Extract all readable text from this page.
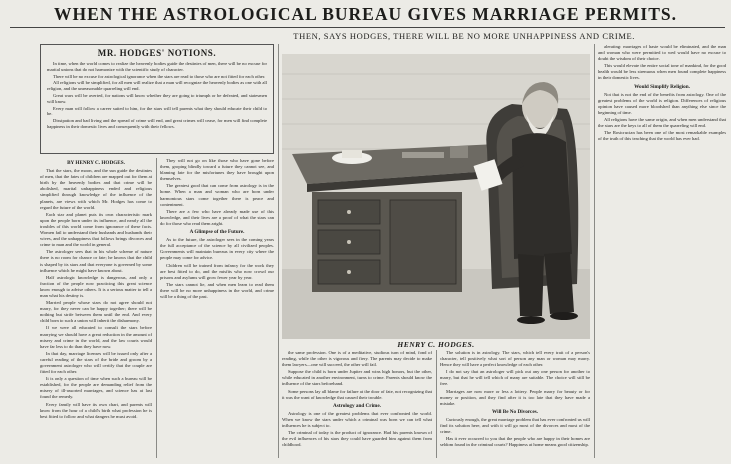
WHEN THE ASTROLOGICAL BUREAU GIVES MARRIAGE PERMITS.
THEN, SAYS HODGES, THERE WILL BE NO MORE UNHAPPINESS AND CRIME.
MR. HODGES' NOTIONS.

In time, when the world comes to realize the heavenly bodies guide the destinies of men, there will be no excuse for marital unions that do not harmonize with the scientific study of character.

There will be no excuse for astrological ignorance when the stars are read to those who are not fitted for each other.

All religions will be simplified, for all men will realize that a man will recognize the heavenly bodies as one with all religion, and the unreasonable quarreling will end.

Great wars will be averted, for nations will know whether they are going to triumph or be defeated, and statesmen will know.

Every man will follow a career suited to him, for the stars will tell parents what they should educate their child to be.

Dissipation and bad living and the spread of crime will end, and great crimes will cease, for men will find complete happiness in their domestic lives and consequently with their fellows.

BY HENRY C. HODGES.

That the stars, the moon, and the sun guide the destinies of men, that the fates of children are mapped out for them at birth by the heavenly bodies and that crime will be abolished, marital unhappiness ended and religious simplified through knowledge of the influence of the planets, are views with which Mr. Hodges has come to regard the future of the world.

Each star and planet puts its own characteristic mark upon the people born under its influence, and nearly all the troubles of this world come from ignorance of these facts. Women fail to understand their husbands and husbands their wives, and the unhappiness that follows brings divorces and crime to man and the world in general.

The astrologer sees that in his whole scheme of nature there is no room for chance or fate; he knows that the child is shaped by its stars and that everyone is governed by some influence which he might have known about.

Half astrologic knowledge is dangerous, and only a fraction of the people now practicing this great science know enough to advise others. It is a serious matter to tell a man what his destiny is.

Married people whose stars do not agree should not marry, for they never can be happy together; there will be nothing but strife between them until the end. And every child born to such a union will inherit the disharmony.

If we were all educated to consult the stars before marrying we should have a great reduction in the amount of misery and crime in the world, and the law courts would have far less to do than they have now.

In that day, marriage licenses will be issued only after a careful reading of the stars of the bride and groom by a government astrologer who will certify that the couple are fitted for each other.

It is only a question of time when such a bureau will be established, for the people are demanding relief from the misery of ill-assorted marriages, and science has at last found the remedy.

Every family will have its own chart, and parents will know from the hour of a child's birth what profession he is best fitted to follow and what dangers he must avoid.

They will not go on like those who have gone before them, groping blindly toward a future they cannot see, and blaming fate for the misfortunes they have brought upon themselves.

The greatest good that can come from astrology is in the home. When a man and woman who are born under harmonious stars come together there is peace and contentment.

There are a few who have already made use of this knowledge, and their lives are a proof of what the stars can do for those who read them aright.

A Glimpse of the Future.

As to the future, the astrologer sees in the coming years the full acceptance of the science by all civilized peoples. Governments will maintain bureaus in every city where the people may come for advice.

Children will be trained from infancy for the work they are best fitted to do, and the misfits who now crowd our prisons and asylums will grow fewer year by year.

The stars cannot lie, and when men learn to read them there will be no more unhappiness in the world, and crime will be a thing of the past.

HENRY C. HODGES.

the same profession. One is of a meditative, studious turn of mind, fond of reading, while the other is vigorous and fiery. The parents may decide to make them lawyers—one will succeed, the other will fail.

Suppose the child is born under Jupiter and wins high honors, but the other, while educated in another environment, turns to crime. Parents should know the influence of the stars beforehand.

Some persons lay all blame for failure at the door of fate, not recognizing that it was the want of knowledge that caused their trouble.

Astrology and Crime.

Astrology is one of the greatest problems that ever confronted the world. When we know the stars under which a criminal was born we can tell what influences he is subject to.

The criminal of today is the product of ignorance. Had his parents known of the evil influences of his stars they could have guarded him against them from childhood.

The solution is in astrology. The stars, which tell every trait of a person's character, tell positively what sort of person any man or woman may marry. Hence they will have a perfect knowledge of each other.

I do not say that an astrologer will pick out any one person for another to marry, but that he will tell which of many are suitable. The choice will still be free.

Marriages are now more or less a lottery. People marry for beauty or for money or position, and they find after it is too late that they have made a mistake.

Will Be No Divorces.

Curiously enough, the great marriage problem that has ever confronted us will find its solution here, and with it will go most of the divorces and most of the crime.

Has it ever occurred to you that the people who are happy in their homes are seldom found in the criminal courts? Happiness at home means good citizenship.

alerating: marriages of haste would be eliminated, and the man and woman who were permitted to wed would have no excuse to doubt the wisdom of their choice.

This would elevate the entire social tone of mankind, for the good health would be less strenuous when men found complete happiness in their domestic lives.

Would Simplify Religion.

Not that is not the end of the benefits from astrology. One of the greatest problems of the world is religion. Differences of religious opinion have caused more bloodshed than anything else since the beginning of time.

All religions have the same origin, and when men understand that the stars are the keys to all of them the quarreling will end.

The Rosicrucian has been one of the most remarkable examples of the truth of this teaching that the world has ever had.
